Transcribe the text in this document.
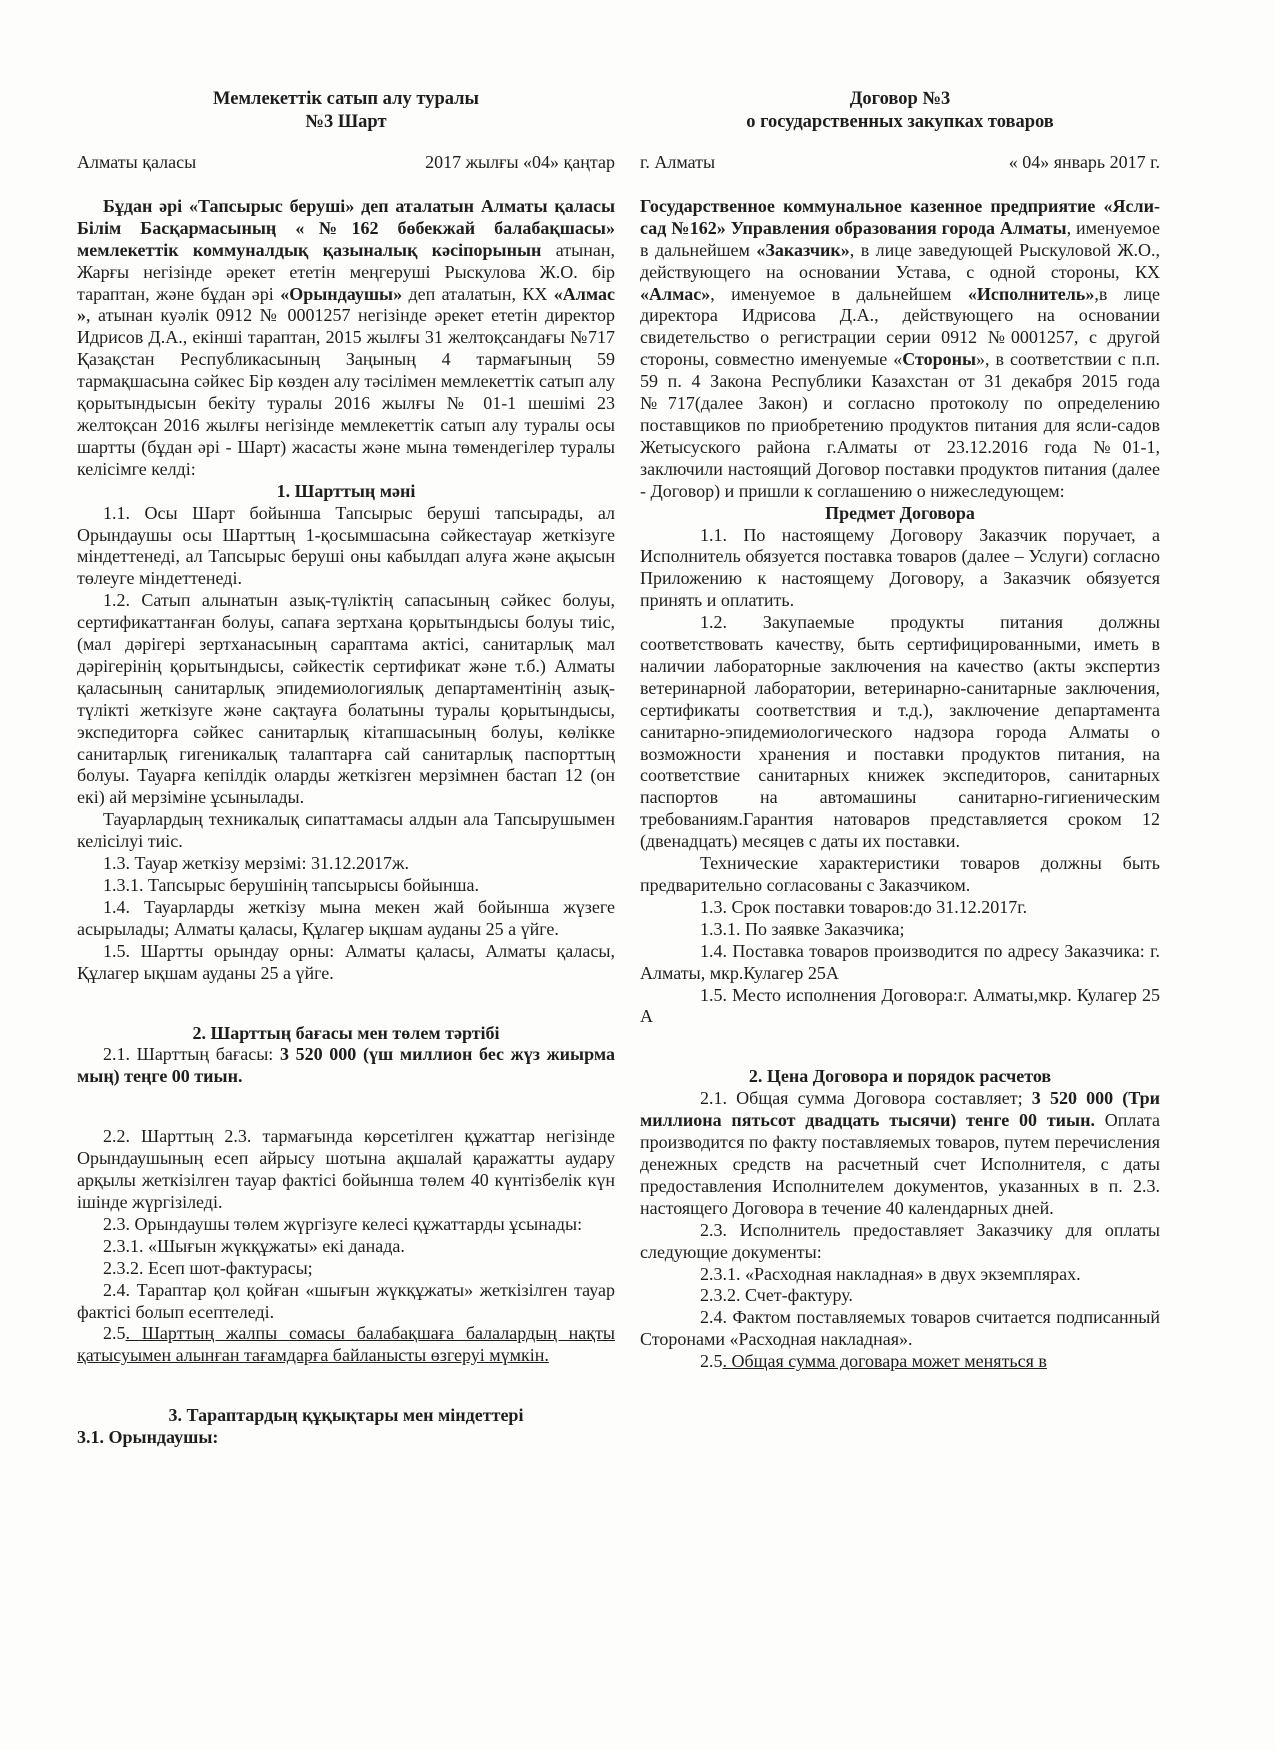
Мемлекеттік сатып алу туралы
№3 Шарт
Алматы қаласы	2017 жылғы «04» қаңтар

Бұдан әрі «Тапсырыс беруші» деп аталатын Алматы қаласы Білім Басқармасының «№162 бөбекжай балабақшасы» мемлекеттік коммуналдық қазыналық кәсіпорынын атынан, Жарғы негізінде әрекет ететін меңгеруші Рыскулова Ж.О. бір тараптан, және бұдан әрі «Орындаушы» деп аталатын, КХ «Алмас », атынан куәлік 0912 № 0001257 негізінде әрекет ететін директор Идрисов Д.А., екінші тараптан, 2015 жылғы 31 желтоқсандағы №717 Қазақстан Республикасының Заңының 4 тармағының 59 тармақшасына сәйкес Бір көзден алу тәсілімен мемлекеттік сатып алу қорытындысын бекіту туралы 2016 жылғы № 01-1 шешімі 23 желтоқсан 2016 жылғы негізінде мемлекеттік сатып алу туралы осы шартты (бұдан әрі - Шарт) жасасты және мына төмендегілер туралы келісімге келді:

1. Шарттың мәні

1.1. Осы Шарт бойынша Тапсырыс беруші тапсырады, ал Орындаушы осы Шарттың 1-қосымшасына сәйкестауар жеткізуге міндеттенеді, ал Тапсырыс беруші оны кабылдап алуға және ақысын төлеуге міндеттенеді.

1.2. Сатып алынатын азық-түліктің сапасының сәйкес болуы, сертификаттанған болуы, сапаға зертхана қорытындысы болуы тиіс, (мал дәрігері зертханасының сараптама актісі, санитарлық мал дәрігерінің қорытындысы, сәйкестік сертификат және т.б.) Алматы қаласының санитарлық эпидемиологиялық департаментінің азық-түлікті жеткізуге және сақтауға болатыны туралы қорытындысы, экспедиторға сәйкес санитарлық кітапшасының болуы, көлікке санитарлық гигеникалық талаптарға сай санитарлық паспорттың болуы. Тауарға кепілдік оларды жеткізген мерзімнен бастап 12 (он екі) ай мерзіміне ұсынылады.

Тауарлардың техникалық сипаттамасы алдын ала Тапсырушымен келісілуі тиіс.

1.3. Тауар жеткізу мерзімі: 31.12.2017ж.

1.3.1. Тапсырыс берушінің тапсырысы бойынша.

1.4. Тауарларды жеткізу мына мекен жай бойынша жүзеге асырылады; Алматы қаласы, Құлагер ықшам ауданы 25 а үйге.

1.5. Шартты орындау орны: Алматы қаласы, Алматы қаласы, Құлагер ықшам ауданы 25 а үйге.

2. Шарттың бағасы мен төлем тәртібі

2.1. Шарттың бағасы: 3 520 000 (үш миллион бес жүз жиырма мың) теңге 00 тиын.

2.2. Шарттың 2.3. тармағында көрсетілген құжаттар негізінде Орындаушының есеп айрысу шотына ақшалай қаражатты аудару арқылы жеткізілген тауар фактісі бойынша төлем 40 күнтізбелік күн ішінде жүргізіледі.

2.3. Орындаушы төлем жүргізуге келесі құжаттарды ұсынады:

2.3.1. «Шығын жүкқұжаты» екі данада.

2.3.2. Есеп шот-фактурасы;

2.4. Тараптар қол қойған «шығын жүкқұжаты» жеткізілген тауар фактісі болып есептеледі.

2.5. Шарттың жалпы сомасы балабақшаға балалардың нақты қатысуымен алынған тағамдарға байланысты өзгеруі мүмкін.

3. Тараптардың құқықтары мен міндеттері

3.1. Орындаушы:

Договор №3
о государственных закупках товаров
г. Алматы	« 04» январь 2017 г.

Государственное коммунальное казенное предприятие «Ясли-сад №162» Управления образования города Алматы, именуемое в дальнейшем «Заказчик», в лице заведующей Рыскуловой Ж.О., действующего на основании Устава, с одной стороны, КХ «Алмас», именуемое в дальнейшем «Исполнитель»,в лице директора Идрисова Д.А., действующего на основании свидетельство о регистрации серии 0912 №0001257, с другой стороны, совместно именуемые «Стороны», в соответствии с п.п. 59 п. 4 Закона Республики Казахстан от 31 декабря 2015 года №717(далее Закон) и согласно протоколу по определению поставщиков по приобретению продуктов питания для ясли-садов Жетысуского района г.Алматы от 23.12.2016 года №01-1, заключили настоящий Договор поставки продуктов питания (далее - Договор) и пришли к соглашению о нижеследующем:

Предмет Договора

1.1. По настоящему Договору Заказчик поручает, а Исполнитель обязуется поставка товаров (далее – Услуги) согласно Приложению к настоящему Договору, а Заказчик обязуется принять и оплатить.

1.2. Закупаемые продукты питания должны соответствовать качеству, быть сертифицированными, иметь в наличии лабораторные заключения на качество (акты экспертиз ветеринарной лаборатории, ветеринарно-санитарные заключения, сертификаты соответствия и т.д.), заключение департамента санитарно-эпидемиологического надзора города Алматы о возможности хранения и поставки продуктов питания, на соответствие санитарных книжек экспедиторов, санитарных паспортов на автомашины санитарно-гигиеническим требованиям.Гарантия натоваров представляется сроком 12 (двенадцать) месяцев с даты их поставки.

Технические характеристики товаров должны быть предварительно согласованы с Заказчиком.

1.3. Срок поставки товаров:до 31.12.2017г.

1.3.1. По заявке Заказчика;

1.4. Поставка товаров производится по адресу Заказчика: г. Алматы, мкр.Кулагер 25А

1.5. Место исполнения Договора:г. Алматы,мкр. Кулагер 25 А

2. Цена Договора и порядок расчетов

2.1. Общая сумма Договора составляет; 3 520 000 (Три миллиона пятьсот двадцать тысячи) тенге 00 тиын. Оплата производится по факту поставляемых товаров, путем перечисления денежных средств на расчетный счет Исполнителя, с даты предоставления Исполнителем документов, указанных в п. 2.3. настоящего Договора в течение 40 календарных дней.

2.3. Исполнитель предоставляет Заказчику для оплаты следующие документы:

2.3.1. «Расходная накладная» в двух экземплярах.

2.3.2. Счет-фактуру.

2.4. Фактом поставляемых товаров считается подписанный Сторонами «Расходная накладная».

2.5. Общая сумма договара может меняться в
